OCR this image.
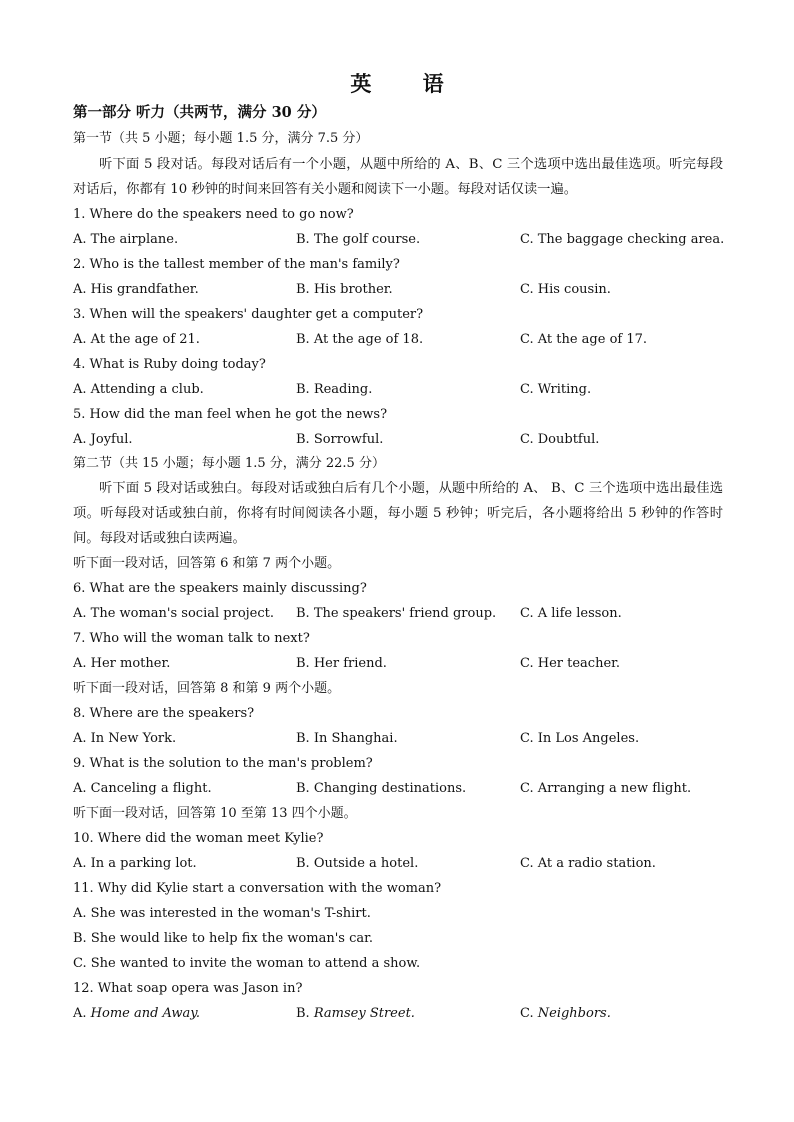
英 语
第一部分 听力（共两节，满分 30 分）
第一节（共 5 小题；每小题 1.5 分，满分 7.5 分）
听下面 5 段对话。每段对话后有一个小题，从题中所给的 A、B、C 三个选项中选出最佳选项。听完每段对话后，你都有 10 秒钟的时间来回答有关小题和阅读下一小题。每段对话仅读一遍。
1. Where do the speakers need to go now?
A. The airplane.	B. The golf course.	C. The baggage checking area.
2. Who is the tallest member of the man's family?
A. His grandfather.	B. His brother.	C. His cousin.
3. When will the speakers' daughter get a computer?
A. At the age of 21.	B. At the age of 18.	C. At the age of 17.
4. What is Ruby doing today?
A. Attending a club.	B. Reading.	C. Writing.
5. How did the man feel when he got the news?
A. Joyful.	B. Sorrowful.	C. Doubtful.
第二节（共 15 小题；每小题 1.5 分，满分 22.5 分）
听下面 5 段对话或独白。每段对话或独白后有几个小题，从题中所给的 A、 B、C 三个选项中选出最佳选项。听每段对话或独白前，你将有时间阅读各小题，每小题 5 秒钟；听完后，各小题将给出 5 秒钟的作答时间。每段对话或独白读两遍。
听下面一段对话，回答第 6 和第 7 两个小题。
6. What are the speakers mainly discussing?
A. The woman's social project. B. The speakers' friend group. C. A life lesson.
7. Who will the woman talk to next?
A. Her mother.	B. Her friend.	C. Her teacher.
听下面一段对话，回答第 8 和第 9 两个小题。
8. Where are the speakers?
A. In New York.	B. In Shanghai.	C. In Los Angeles.
9. What is the solution to the man's problem?
A. Canceling a flight.	B. Changing destinations.	C. Arranging a new flight.
听下面一段对话，回答第 10 至第 13 四个小题。
10. Where did the woman meet Kylie?
A. In a parking lot.	B. Outside a hotel.	C. At a radio station.
11. Why did Kylie start a conversation with the woman?
A. She was interested in the woman's T-shirt.
B. She would like to help fix the woman's car.
C. She wanted to invite the woman to attend a show.
12. What soap opera was Jason in?
A. Home and Away.	B. Ramsey Street.	C. Neighbors.
